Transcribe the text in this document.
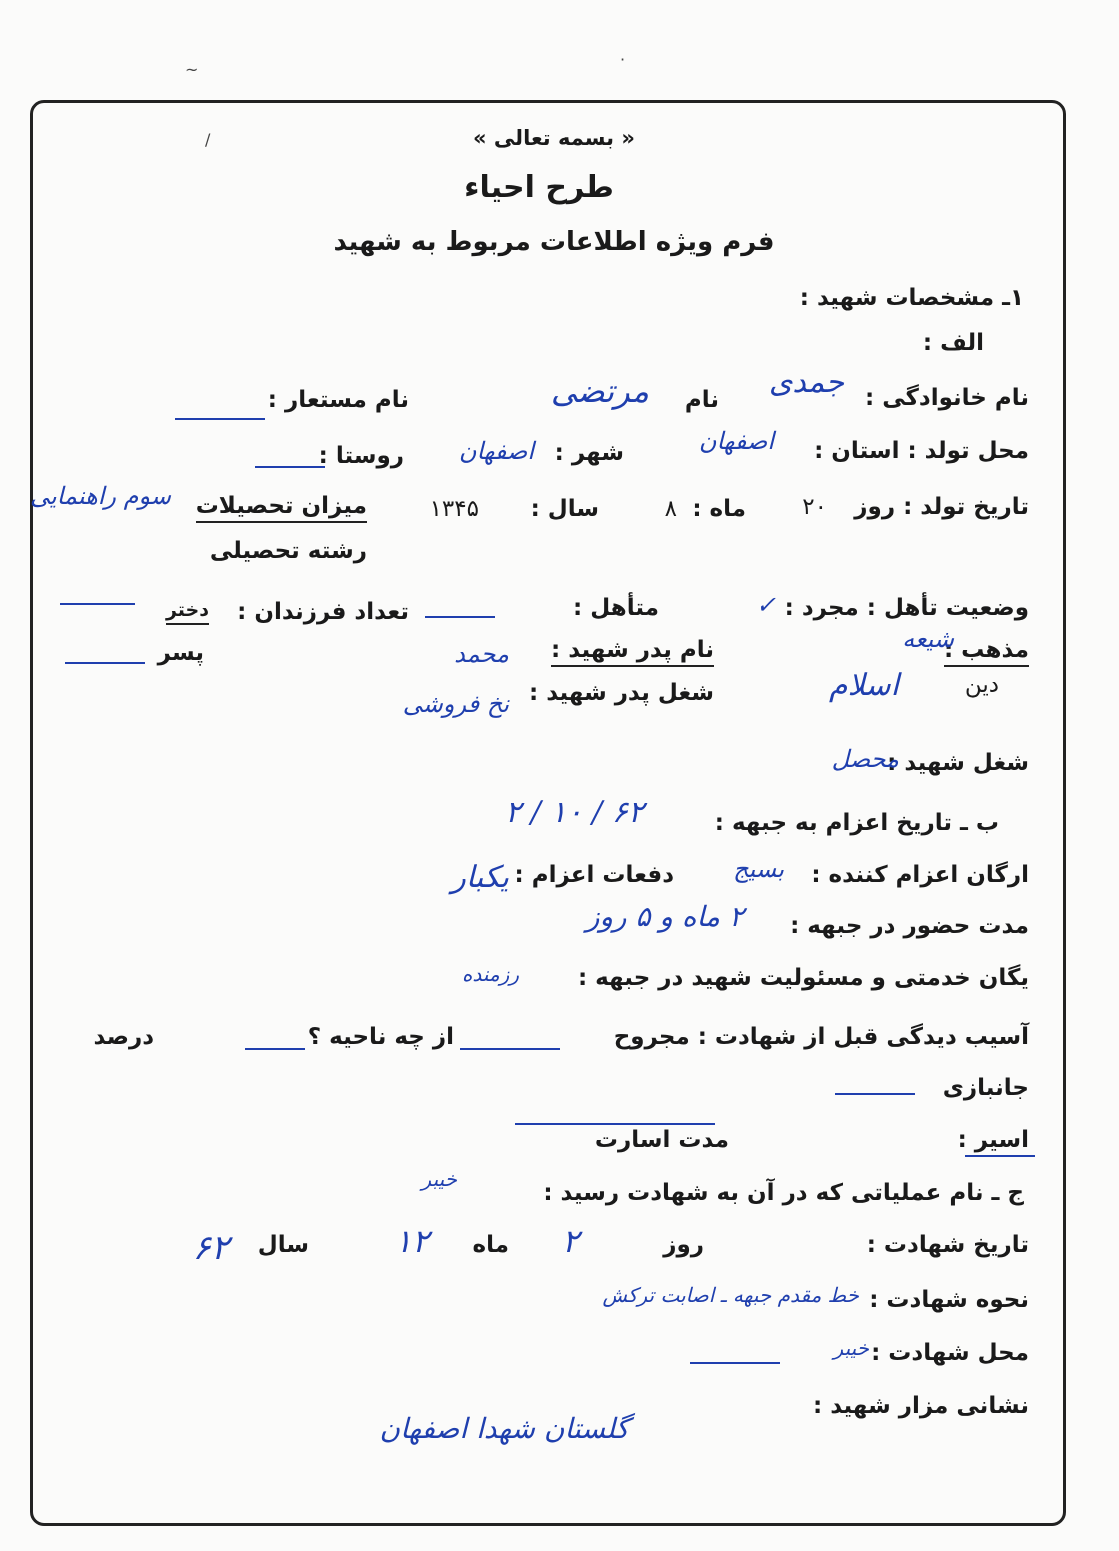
~
·
/	« بسمه تعالی »
طرح احیاء
فرم ویژه اطلاعات مربوط به شهید
۱ـ مشخصات شهید :
الف :
نام خانوادگی :
جمدی
نام
مرتضی
نام مستعار :
محل تولد : استان :
اصفهان
شهر :
اصفهان
روستا :
تاریخ تولد : روز
۲۰
ماه :
۸
سال :
۱۳۴۵
میزان تحصیلات
سوم راهنمایی
رشته تحصیلی
وضعیت تأهل : مجرد :
✓
متأهل :
تعداد فرزندان :
دختر
پسر	مذهب :
شیعه
دین
اسلام
نام پدر شهید :
محمد
شغل پدر شهید :
نخ فروشی
شغل شهید :
محصل
ب ـ تاریخ اعزام به جبهه :
۶۲ / ۱۰ / ۲
ارگان اعزام کننده :
بسیج
دفعات اعزام :
یکبار
مدت حضور در جبهه :
۲ ماه و ۵ روز
یگان خدمتی و مسئولیت شهید در جبهه :
رزمنده
آسیب دیدگی قبل از شهادت : مجروح
از چه ناحیه ؟
درصد
جانبازی
اسیر :
مدت اسارت
ج ـ نام عملیاتی که در آن به شهادت رسید :
خیبر
تاریخ شهادت :
روز
۲
ماه
۱۲
سال
۶۲
نحوه شهادت :
خط مقدم جبهه ـ اصابت ترکش
محل شهادت :
خیبر
نشانی مزار شهید :
گلستان شهدا اصفهان
